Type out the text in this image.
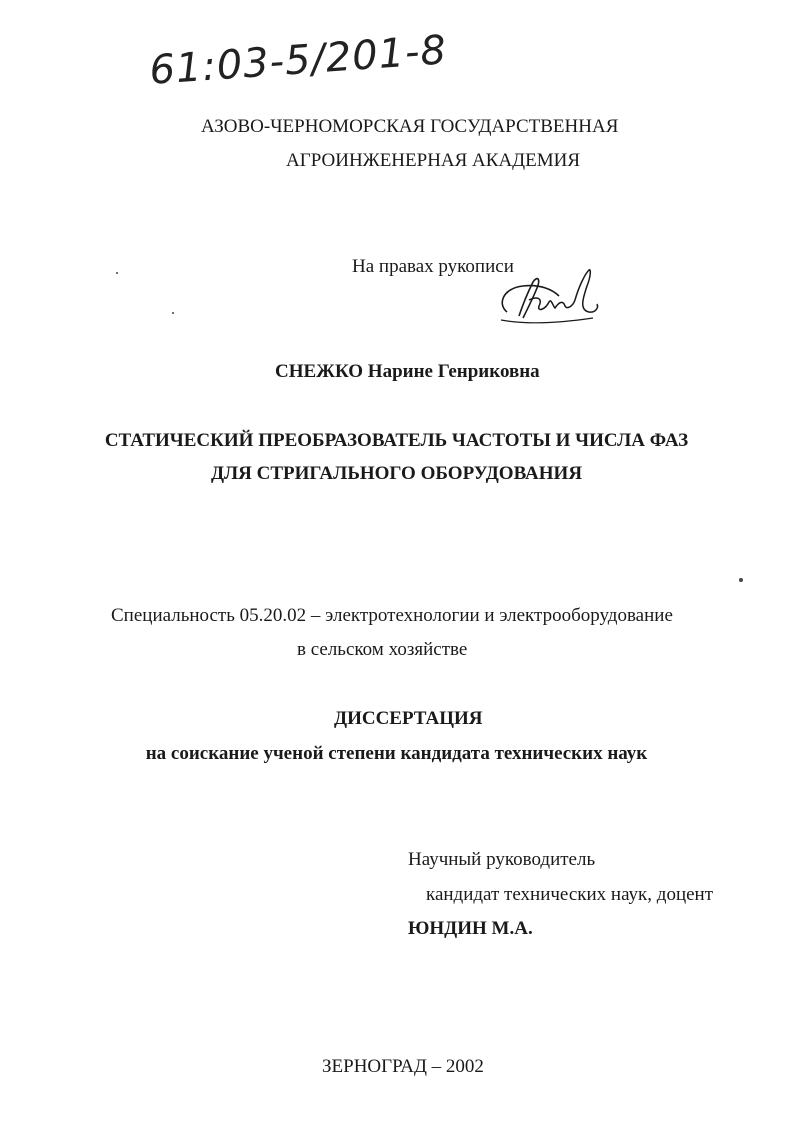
61:03-5/201-8
АЗОВО-ЧЕРНОМОРСКАЯ ГОСУДАРСТВЕННАЯ
АГРОИНЖЕНЕРНАЯ АКАДЕМИЯ
На правах рукописи
СНЕЖКО Нарине Генриковна
СТАТИЧЕСКИЙ ПРЕОБРАЗОВАТЕЛЬ ЧАСТОТЫ И ЧИСЛА ФАЗ
ДЛЯ СТРИГАЛЬНОГО ОБОРУДОВАНИЯ
Специальность 05.20.02 – электротехнологии и электрооборудование
в сельском хозяйстве
ДИССЕРТАЦИЯ
на соискание ученой степени кандидата технических наук
Научный руководитель
кандидат технических наук, доцент
ЮНДИН М.А.
ЗЕРНОГРАД – 2002
